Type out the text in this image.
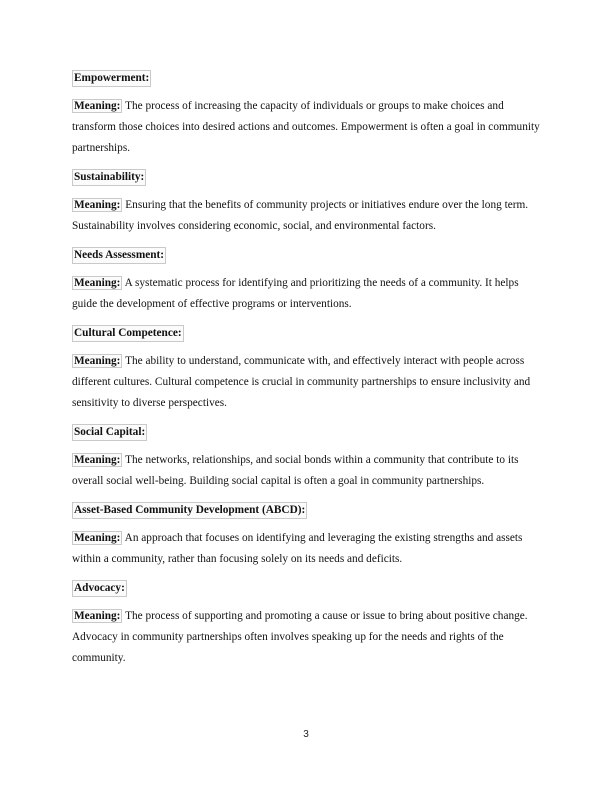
Empowerment:

Meaning: The process of increasing the capacity of individuals or groups to make choices and transform those choices into desired actions and outcomes. Empowerment is often a goal in community partnerships.

Sustainability:

Meaning: Ensuring that the benefits of community projects or initiatives endure over the long term. Sustainability involves considering economic, social, and environmental factors.

Needs Assessment:

Meaning: A systematic process for identifying and prioritizing the needs of a community. It helps guide the development of effective programs or interventions.

Cultural Competence:

Meaning: The ability to understand, communicate with, and effectively interact with people across different cultures. Cultural competence is crucial in community partnerships to ensure inclusivity and sensitivity to diverse perspectives.

Social Capital:

Meaning: The networks, relationships, and social bonds within a community that contribute to its overall social well-being. Building social capital is often a goal in community partnerships.

Asset-Based Community Development (ABCD):

Meaning: An approach that focuses on identifying and leveraging the existing strengths and assets within a community, rather than focusing solely on its needs and deficits.

Advocacy:

Meaning: The process of supporting and promoting a cause or issue to bring about positive change. Advocacy in community partnerships often involves speaking up for the needs and rights of the community.

3
